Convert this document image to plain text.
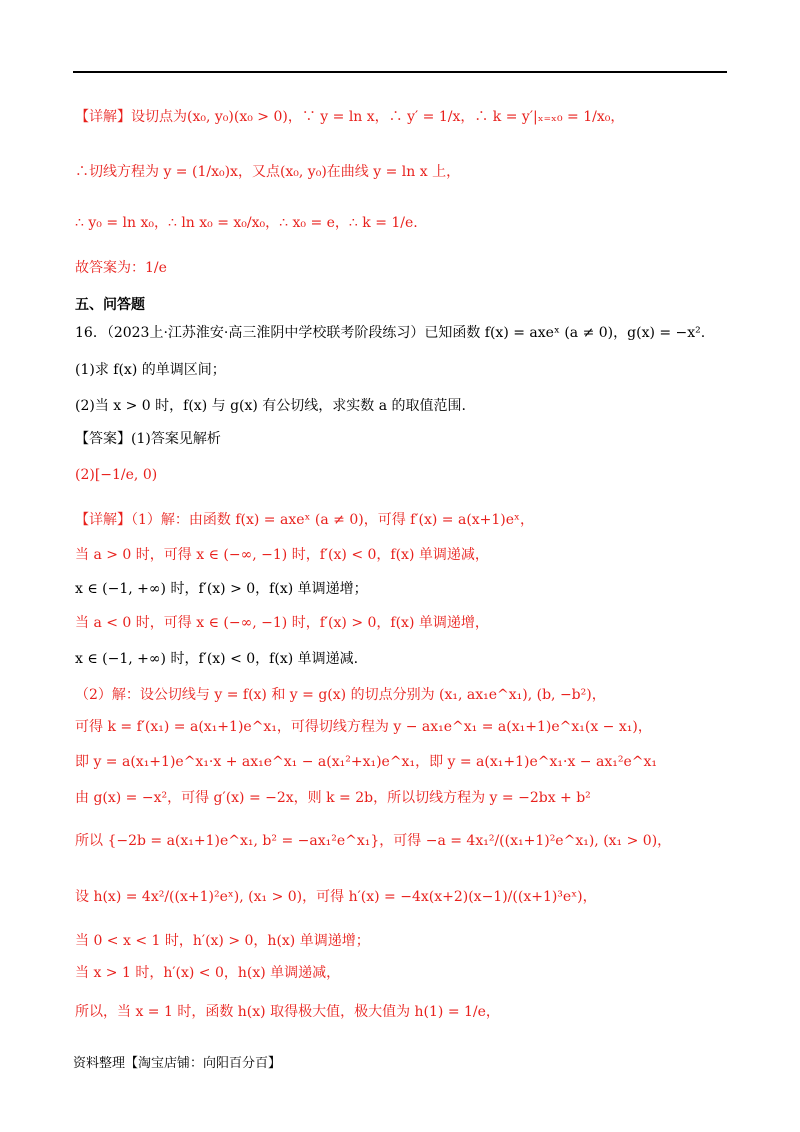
【详解】设切点为(x₀, y₀)(x₀ > 0)，∵ y = ln x，∴ y′ = 1/x，∴ k = y′|ₓ₌ₓ₀ = 1/x₀，
∴切线方程为 y = (1/x₀)x，又点(x₀, y₀)在曲线 y = ln x 上，
∴ y₀ = ln x₀，∴ ln x₀ = x₀/x₀，∴ x₀ = e，∴ k = 1/e.
故答案为：1/e
五、问答题
16．（2023上·江苏淮安·高三淮阴中学校联考阶段练习）已知函数 f(x) = axeˣ (a ≠ 0)，g(x) = −x².
(1)求 f(x) 的单调区间；
(2)当 x > 0 时，f(x) 与 g(x) 有公切线，求实数 a 的取值范围.
【答案】(1)答案见解析
(2)[−1/e, 0)
【详解】（1）解：由函数 f(x) = axeˣ (a ≠ 0)，可得 f′(x) = a(x+1)eˣ，
当 a > 0 时，可得 x ∈ (−∞, −1) 时，f′(x) < 0，f(x) 单调递减，
x ∈ (−1, +∞) 时，f′(x) > 0，f(x) 单调递增；
当 a < 0 时，可得 x ∈ (−∞, −1) 时，f′(x) > 0，f(x) 单调递增，
x ∈ (−1, +∞) 时，f′(x) < 0，f(x) 单调递减.
（2）解：设公切线与 y = f(x) 和 y = g(x) 的切点分别为 (x₁, ax₁e^x₁), (b, −b²)，
可得 k = f′(x₁) = a(x₁+1)e^x₁，可得切线方程为 y − ax₁e^x₁ = a(x₁+1)e^x₁(x − x₁)，
即 y = a(x₁+1)e^x₁·x + ax₁e^x₁ − a(x₁²+x₁)e^x₁，即 y = a(x₁+1)e^x₁·x − ax₁²e^x₁
由 g(x) = −x²，可得 g′(x) = −2x，则 k = 2b，所以切线方程为 y = −2bx + b²
所以 {−2b = a(x₁+1)e^x₁, b² = −ax₁²e^x₁}，可得 −a = 4x₁²/((x₁+1)²e^x₁), (x₁ > 0)，
设 h(x) = 4x²/((x+1)²eˣ), (x₁ > 0)，可得 h′(x) = −4x(x+2)(x−1)/((x+1)³eˣ)，
当 0 < x < 1 时，h′(x) > 0，h(x) 单调递增；
当 x > 1 时，h′(x) < 0，h(x) 单调递减，
所以，当 x = 1 时，函数 h(x) 取得极大值，极大值为 h(1) = 1/e，
资料整理【淘宝店铺：向阳百分百】
